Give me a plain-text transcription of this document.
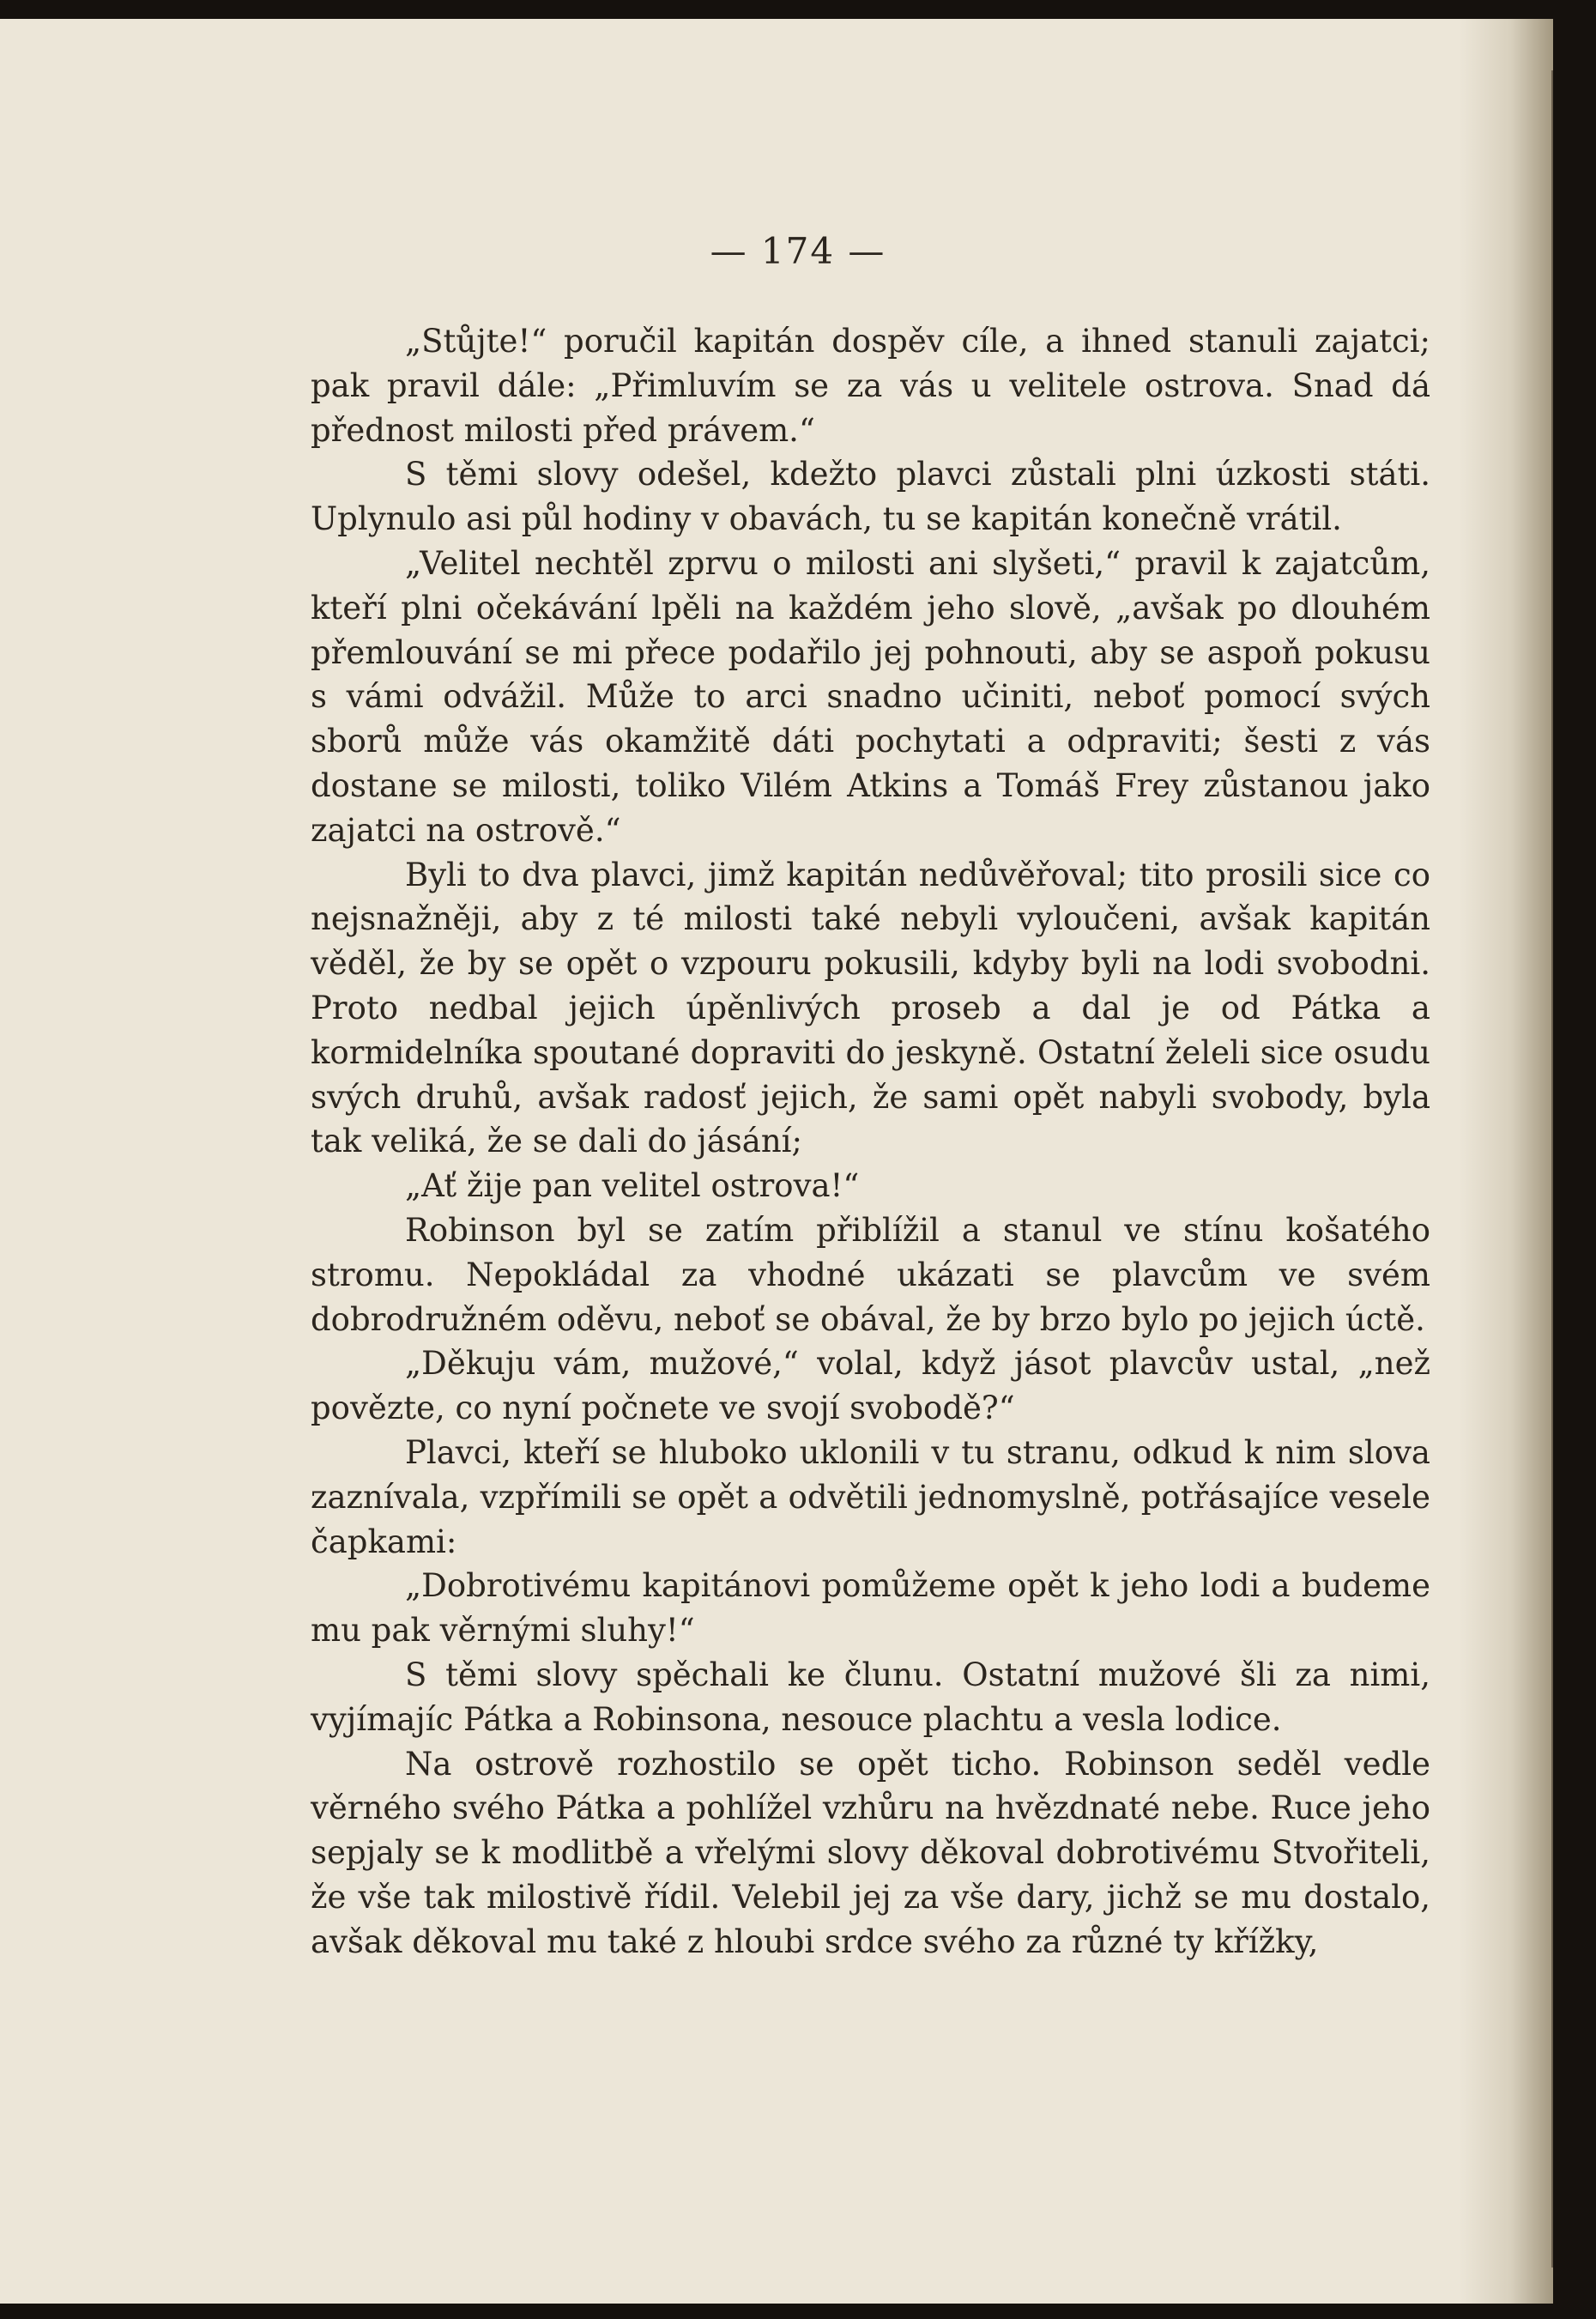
— 174 —

„Stůjte!“ poručil kapitán dospěv cíle, a ihned stanuli zajatci; pak pravil dále: „Přimluvím se za vás u velitele ostrova. Snad dá přednost milosti před právem.“

S těmi slovy odešel, kdežto plavci zůstali plni úzkosti státi. Uplynulo asi půl hodiny v obavách, tu se kapitán konečně vrátil.

„Velitel nechtěl zprvu o milosti ani slyšeti,“ pravil k zajatcům, kteří plni očekávání lpěli na každém jeho slově, „avšak po dlouhém přemlouvání se mi přece podařilo jej pohnouti, aby se aspoň pokusu s vámi odvážil. Může to arci snadno učiniti, neboť pomocí svých sborů může vás okamžitě dáti pochytati a odpraviti; šesti z vás dostane se milosti, toliko Vilém Atkins a Tomáš Frey zůstanou jako zajatci na ostrově.“

Byli to dva plavci, jimž kapitán nedůvěřoval; tito prosili sice co nejsnažněji, aby z té milosti také nebyli vyloučeni, avšak kapitán věděl, že by se opět o vzpouru pokusili, kdyby byli na lodi svobodni. Proto nedbal jejich úpěnlivých proseb a dal je od Pátka a kormidelníka spoutané dopraviti do jeskyně. Ostatní želeli sice osudu svých druhů, avšak radosť jejich, že sami opět nabyli svobody, byla tak veliká, že se dali do jásání;

„Ať žije pan velitel ostrova!“

Robinson byl se zatím přiblížil a stanul ve stínu košatého stromu. Nepokládal za vhodné ukázati se plavcům ve svém dobrodružném oděvu, neboť se obával, že by brzo bylo po jejich úctě.

„Děkuju vám, mužové,“ volal, když jásot plavcův ustal, „než povězte, co nyní počnete ve svojí svobodě?“

Plavci, kteří se hluboko uklonili v tu stranu, odkud k nim slova zaznívala, vzpřímili se opět a odvětili jednomyslně, potřásajíce vesele čapkami:

„Dobrotivému kapitánovi pomůžeme opět k jeho lodi a budeme mu pak věrnými sluhy!“

S těmi slovy spěchali ke člunu. Ostatní mužové šli za nimi, vyjímajíc Pátka a Robinsona, nesouce plachtu a vesla lodice.

Na ostrově rozhostilo se opět ticho. Robinson seděl vedle věrného svého Pátka a pohlížel vzhůru na hvězdnaté nebe. Ruce jeho sepjaly se k modlitbě a vřelými slovy děkoval dobrotivému Stvořiteli, že vše tak milostivě řídil. Velebil jej za vše dary, jichž se mu dostalo, avšak děkoval mu také z hloubi srdce svého za různé ty křížky,
